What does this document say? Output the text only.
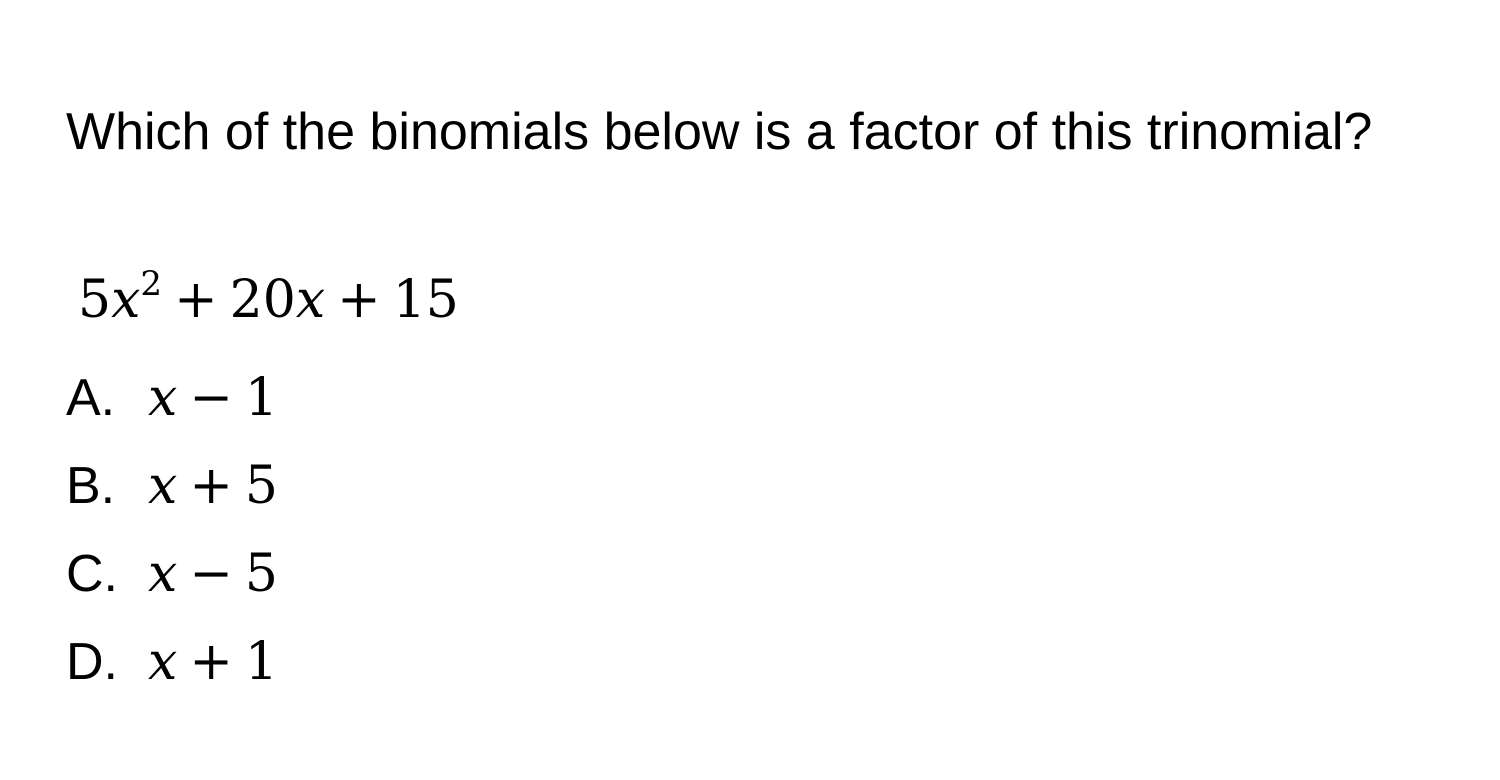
Which of the binomials below is a factor of this trinomial?

$5x^2 + 20x + 15$
A. x − 1
B. x + 5
C. x − 5
D. x + 1
